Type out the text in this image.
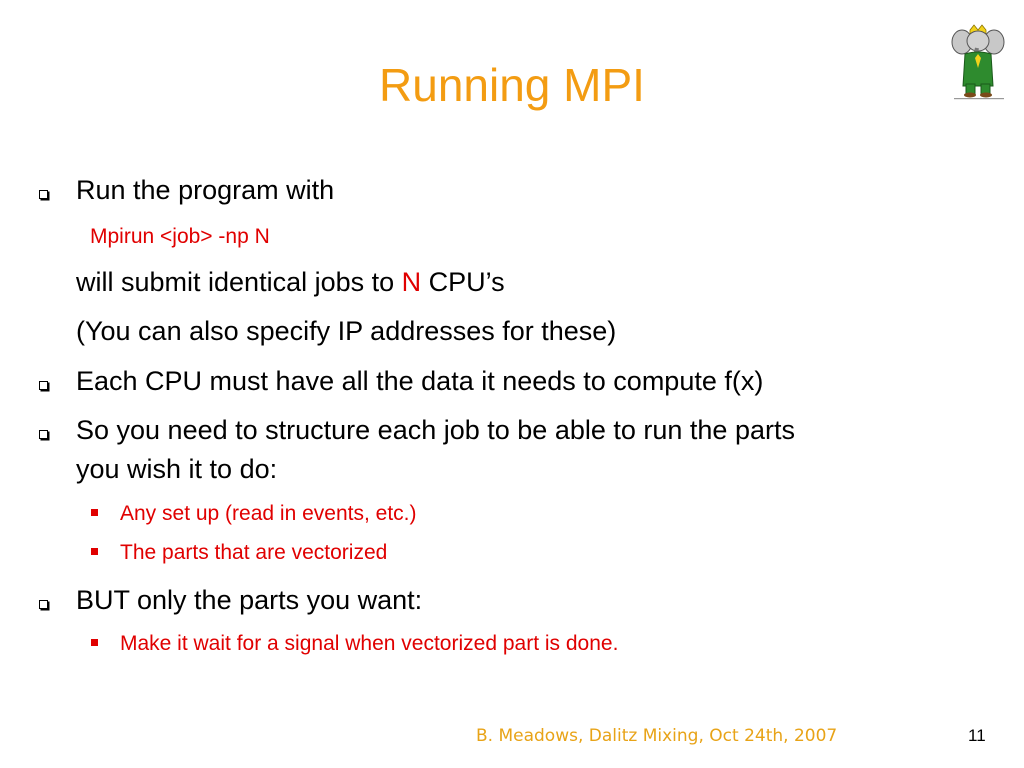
Running MPI
Run the program with
Mpirun <job> -np N
will submit identical jobs to N CPU’s
(You can also specify IP addresses for these)
Each CPU must have all the data it needs to compute f(x)
So you need to structure each job to be able to run the parts
you wish it to do:
Any set up (read in events, etc.)
The parts that are vectorized
BUT only the parts you want:
Make it wait for a signal when vectorized part is done.
B. Meadows, Dalitz Mixing, Oct 24th, 2007	11
